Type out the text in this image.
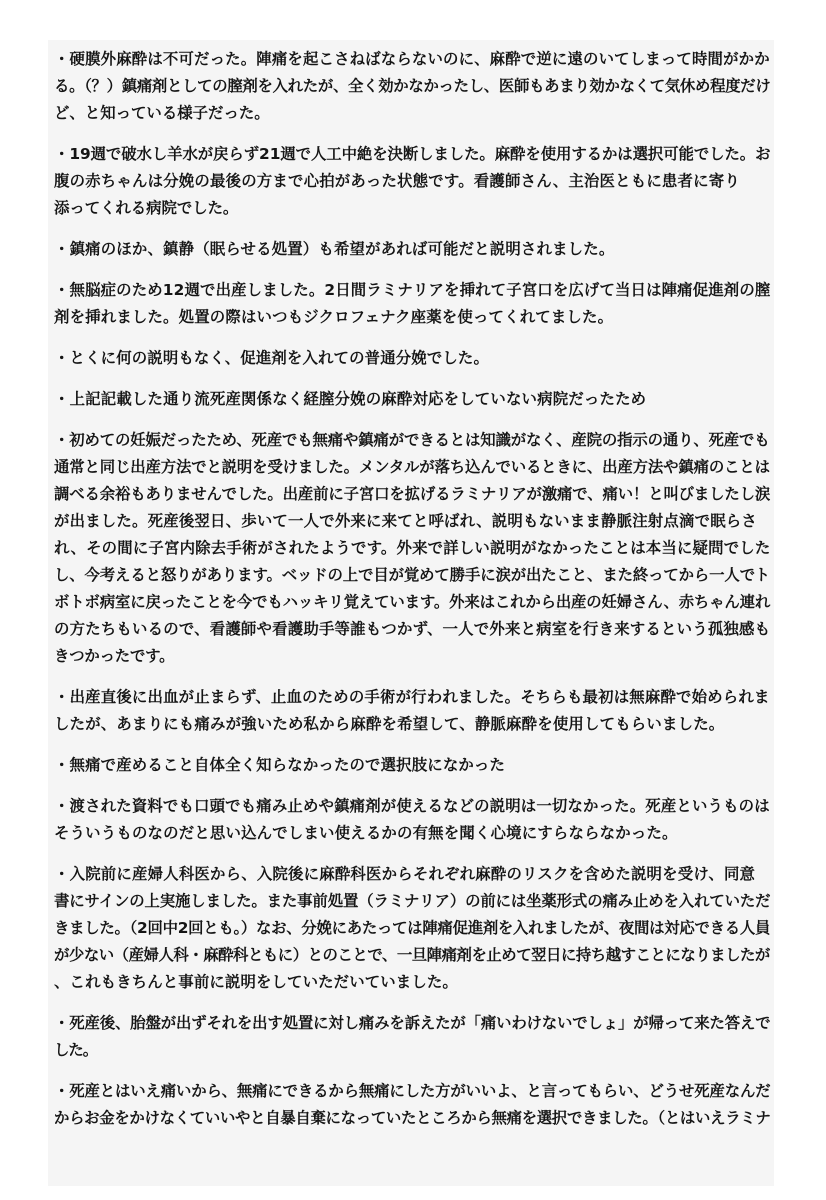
・硬膜外麻酔は不可だった。陣痛を起こさねばならないのに、麻酔で逆に遠のいてしまって時間がかか
る。（？）鎮痛剤としての膣剤を入れたが、全く効かなかったし、医師もあまり効かなくて気休め程度だけ
ど、と知っている様子だった。
・19週で破水し羊水が戻らず21週で人工中絶を決断しました。麻酔を使用するかは選択可能でした。お
腹の赤ちゃんは分娩の最後の方まで心拍があった状態です。看護師さん、主治医ともに患者に寄り
添ってくれる病院でした。
・鎮痛のほか、鎮静（眠らせる処置）も希望があれば可能だと説明されました。
・無脳症のため12週で出産しました。2日間ラミナリアを挿れて子宮口を広げて当日は陣痛促進剤の膣
剤を挿れました。処置の際はいつもジクロフェナク座薬を使ってくれてました。
・とくに何の説明もなく、促進剤を入れての普通分娩でした。
・上記記載した通り流死産関係なく経膣分娩の麻酔対応をしていない病院だったため
・初めての妊娠だったため、死産でも無痛や鎮痛ができるとは知識がなく、産院の指示の通り、死産でも
通常と同じ出産方法でと説明を受けました。メンタルが落ち込んでいるときに、出産方法や鎮痛のことは
調べる余裕もありませんでした。出産前に子宮口を拡げるラミナリアが激痛で、痛い！と叫びましたし涙
が出ました。死産後翌日、歩いて一人で外来に来てと呼ばれ、説明もないまま静脈注射点滴で眠らさ
れ、その間に子宮内除去手術がされたようです。外来で詳しい説明がなかったことは本当に疑問でした
し、今考えると怒りがあります。ベッドの上で目が覚めて勝手に涙が出たこと、また終ってから一人でト
ボトボ病室に戻ったことを今でもハッキリ覚えています。外来はこれから出産の妊婦さん、赤ちゃん連れ
の方たちもいるので、看護師や看護助手等誰もつかず、一人で外来と病室を行き来するという孤独感も
きつかったです。
・出産直後に出血が止まらず、止血のための手術が行われました。そちらも最初は無麻酔で始められま
したが、あまりにも痛みが強いため私から麻酔を希望して、静脈麻酔を使用してもらいました。
・無痛で産めること自体全く知らなかったので選択肢になかった
・渡された資料でも口頭でも痛み止めや鎮痛剤が使えるなどの説明は一切なかった。死産というものは
そういうものなのだと思い込んでしまい使えるかの有無を聞く心境にすらならなかった。
・入院前に産婦人科医から、入院後に麻酔科医からそれぞれ麻酔のリスクを含めた説明を受け、同意
書にサインの上実施しました。また事前処置（ラミナリア）の前には坐薬形式の痛み止めを入れていただ
きました。（2回中2回とも。）なお、分娩にあたっては陣痛促進剤を入れましたが、夜間は対応できる人員
が少ない（産婦人科・麻酔科ともに）とのことで、一旦陣痛剤を止めて翌日に持ち越すことになりましたが
、これもきちんと事前に説明をしていただいていました。
・死産後、胎盤が出ずそれを出す処置に対し痛みを訴えたが「痛いわけないでしょ」が帰って来た答えで
した。
・死産とはいえ痛いから、無痛にできるから無痛にした方がいいよ、と言ってもらい、どうせ死産なんだ
からお金をかけなくていいやと自暴自棄になっていたところから無痛を選択できました。（とはいえラミナ
